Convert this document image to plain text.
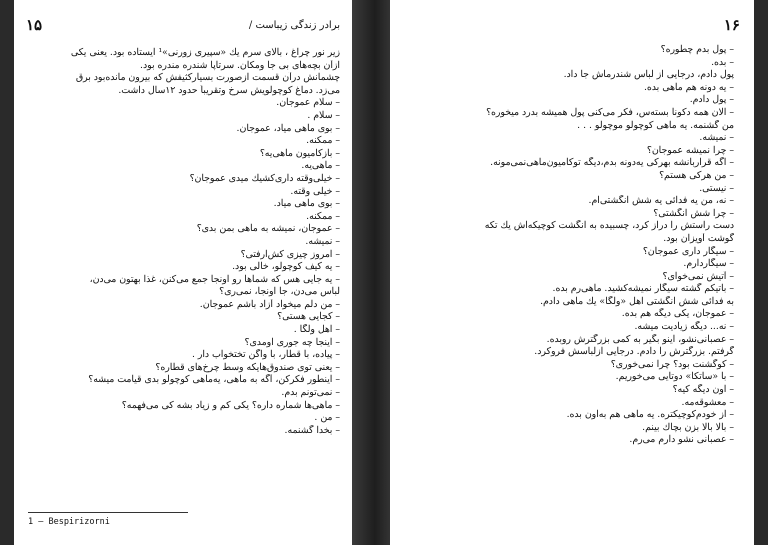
برادر زندگی زیباست /
۱۵
زیر نور چراغ ، بالای سرم یك «سپیری زورنی»¹ ایستاده بود. یعنی یکی
ازآن بچه‌های بی جا ومکان. سرتاپا شندره مندره بود.
چشمانش درآن قسمت ازصورت بسیارکثیفش که بیرون مانده‌بود برق
می‌زد. دماغ کوچولویش سرخ وتقریباً حدود ۱۲سال داشت.
– سلام عموجان.
– سلام .
– بوی ماهی میاد، عموجان.
– ممکنه.
– بازکامیون ماهی‌یه؟
– ماهی‌یه.
– خیلی‌وقته داری‌کشیك میدی عموجان؟
– خیلی وقته.
– بوی ماهی میاد.
– ممکنه.
– عموجان، نمیشه به ماهی بمن بدی؟
– نمیشه.
– امروز چیزی کش‌ارفتی؟
– یه کیف کوچولو، خالی بود.
– یه جایی هس که شماها رو اونجا جمع می‌کنن، غذا بهتون می‌دن،
لباس می‌دن، جا اونجا، نمی‌ری؟
– من دلم میخواد آزاد باشم عموجان.
– کجایی هستی؟
– اهل ولگا .
– اینجا چه جوری اومدی؟
– پیاده، با قطار، با واگن تختخواب دار .
– یعنی توی صندوق‌هایکه وسط چرخ‌های قطاره؟
– اینطور فکرکن، آگه به ماهی، یه‌ماهی کوچولو بدی قیامت میشه؟
– نمی‌تونم بدم.
– ماهی‌ها شماره داره؟ یکی کم و زیاد بشه کی می‌فهمه؟
– من .
– بخدا گشنمه.
1 – Bespirizorni
۱۶
– پول بدم چطوره؟
– بده.
پول دادم، درجایی از لباس شندرماش جا داد.
– یه دونه هم ماهی بده.
– پول دادم.
– الان همه دکونا بسته‌س، فکر می‌کنی پول همیشه بدرد میخوره؟
من گشنمه. یه ماهی کوچولو موچولو . . .
– نمیشه.
– چرا نمیشه عموجان؟
– اگه قراربانشه بهرکی یه‌دونه بدم،دیگه توکامیون‌ماهی‌نمی‌مونه.
– من هرکی هستم؟
– نیستی.
– نه، من یه فدائی یه شش انگشتی‌ام.
– چرا شش انگشتی؟
دست راستش را دراز کرد، چسبیده به انگشت کوچیکه‌اش یك تکه
گوشت آویزان بود.
– سیگار داری عموجان؟
– سیگاردارم.
– آتیش نمی‌خوای؟
– باتیکم گشته سیگار نمیشه‌کشید. ماهی‌رم بده.
به فدائی شش انگشتی اهل «ولگا» یك ماهی دادم.
– عموجان، یکی دیگه هم بده.
– نه... دیگه زیادیت میشه.
– عصبانی‌نشو، اینو بگیر به کمی بزرگترش روبده.
گرفتم. بزرگترش را دادم. درجایی ازلباسش فروکرد.
– کوگشنت بود؟ چرا نمی‌خوری؟
– با «ساتکا» دوتایی می‌خوریم.
– اون دیگه کیه؟
– معشوقه‌مه.
– از خودم‌کوچیکتره. یه ماهی هم به‌اون بده.
– بالا بالا بزن بچاك بینم.
– عصبانی نشو دارم می‌رم.
